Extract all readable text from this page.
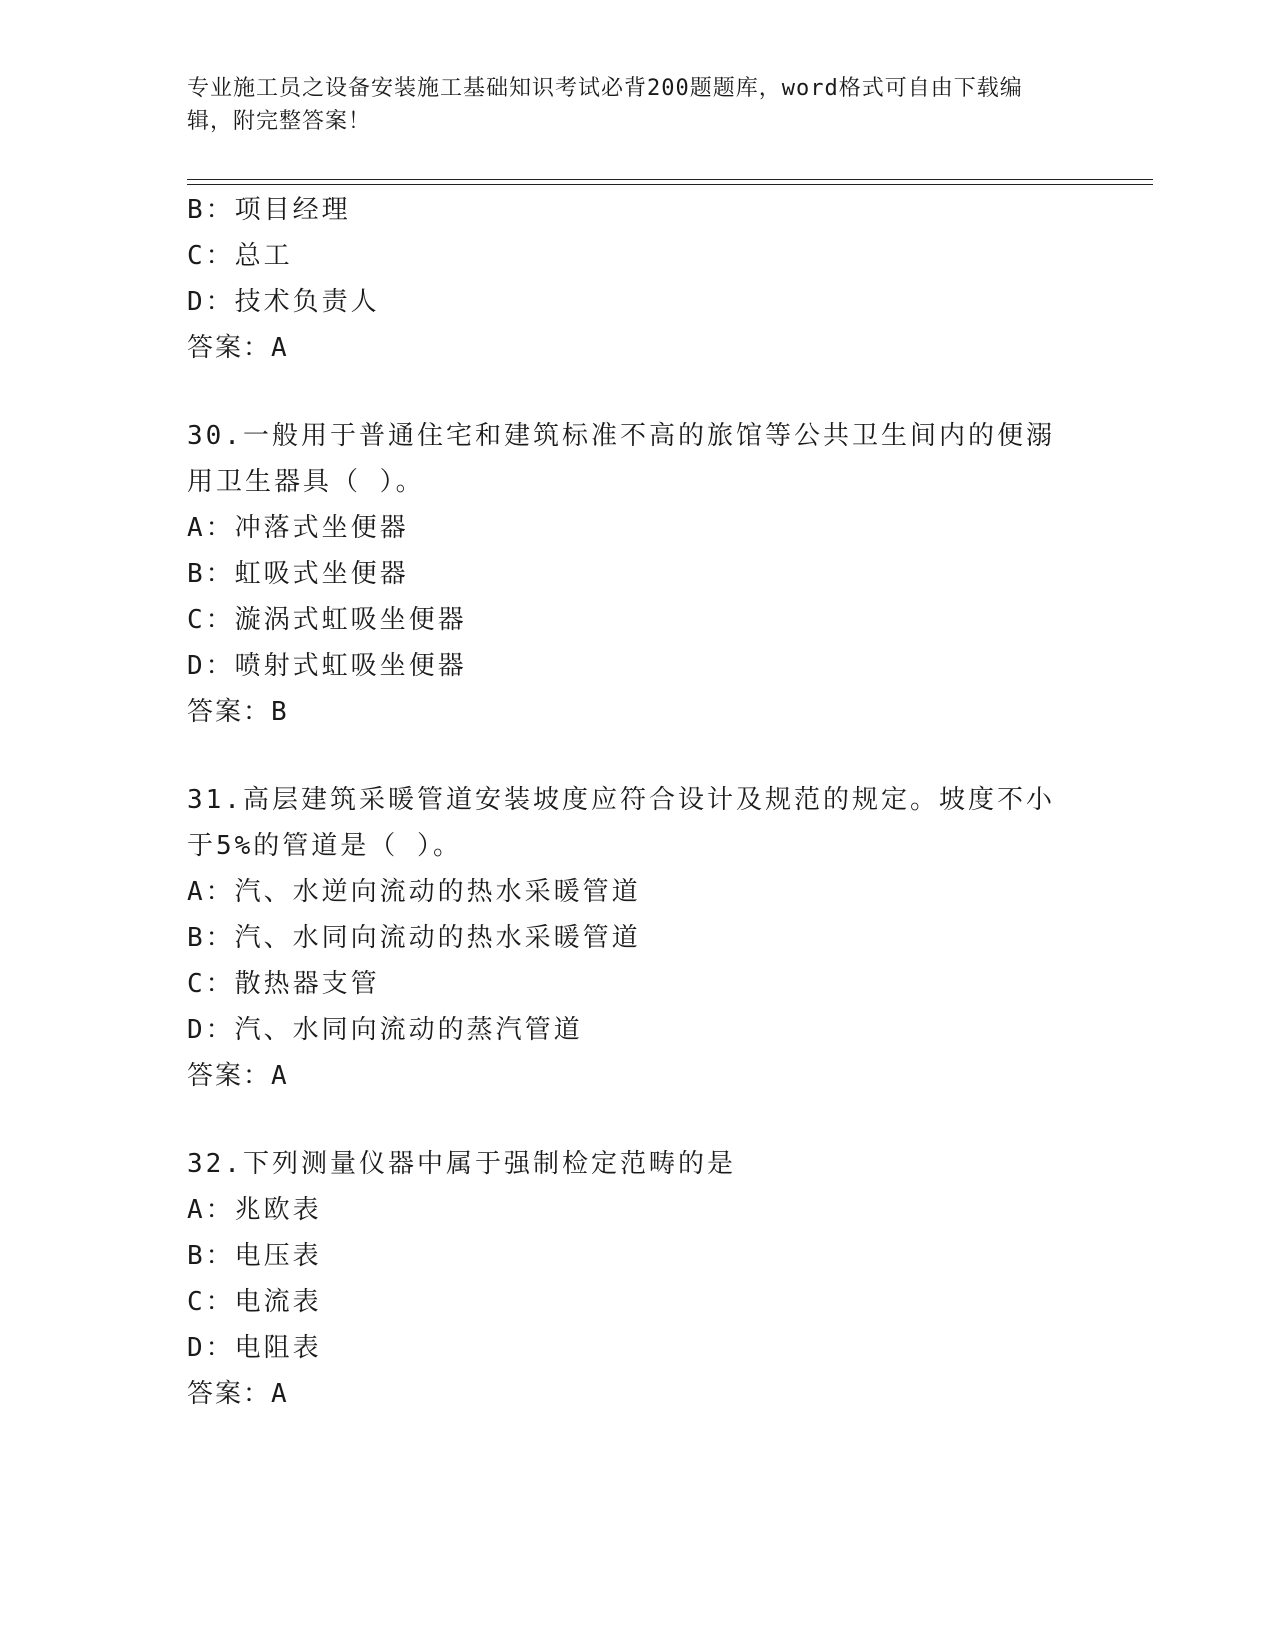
专业施工员之设备安装施工基础知识考试必背200题题库，word格式可自由下载编辑，附完整答案！
B：项目经理
C：总工
D：技术负责人
答案：A
30.一般用于普通住宅和建筑标准不高的旅馆等公共卫生间内的便溺用卫生器具（ ）。
A：冲落式坐便器
B：虹吸式坐便器
C：漩涡式虹吸坐便器
D：喷射式虹吸坐便器
答案：B
31.高层建筑采暖管道安装坡度应符合设计及规范的规定。坡度不小于5%的管道是（ ）。
A：汽、水逆向流动的热水采暖管道
B：汽、水同向流动的热水采暖管道
C：散热器支管
D：汽、水同向流动的蒸汽管道
答案：A
32.下列测量仪器中属于强制检定范畴的是
A：兆欧表
B：电压表
C：电流表
D：电阻表
答案：A
